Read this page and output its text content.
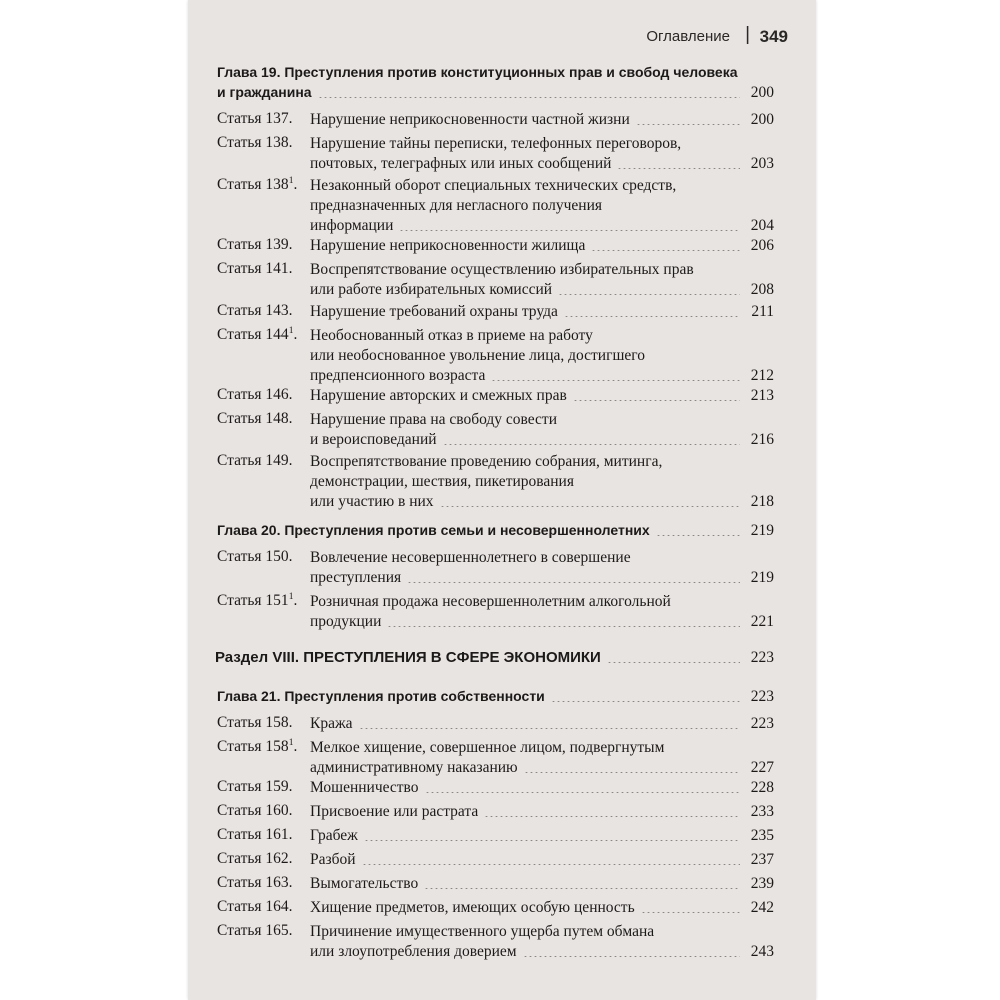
Оглавление | 349
Глава 19. Преступления против конституционных прав и свобод человека
и гражданина	200
Статья 137. Нарушение неприкосновенности частной жизни	200
Статья 138. Нарушение тайны переписки, телефонных переговоров,
почтовых, телеграфных или иных сообщений	203
Статья $138^1$. Незаконный оборот специальных технических средств,
предназначенных для негласного получения
информации	204
Статья 139. Нарушение неприкосновенности жилища	206
Статья 141. Воспрепятствование осуществлению избирательных прав
или работе избирательных комиссий	208
Статья 143. Нарушение требований охраны труда	211
Статья $144^1$. Необоснованный отказ в приеме на работу
или необоснованное увольнение лица, достигшего
предпенсионного возраста	212
Статья 146. Нарушение авторских и смежных прав	213
Статья 148. Нарушение права на свободу совести
и вероисповеданий	216
Статья 149. Воспрепятствование проведению собрания, митинга,
демонстрации, шествия, пикетирования
или участию в них	218
Глава 20. Преступления против семьи и несовершеннолетних	219
Статья 150. Вовлечение несовершеннолетнего в совершение
преступления	219
Статья $151^1$. Розничная продажа несовершеннолетним алкогольной
продукции	221
Раздел VIII. ПРЕСТУПЛЕНИЯ В СФЕРЕ ЭКОНОМИКИ	223
Глава 21. Преступления против собственности	223
Статья 158. Кража	223
Статья $158^1$. Мелкое хищение, совершенное лицом, подвергнутым
административному наказанию	227
Статья 159. Мошенничество	228
Статья 160. Присвоение или растрата	233
Статья 161. Грабеж	235
Статья 162. Разбой	237
Статья 163. Вымогательство	239
Статья 164. Хищение предметов, имеющих особую ценность	242
Статья 165. Причинение имущественного ущерба путем обмана
или злоупотребления доверием	243
